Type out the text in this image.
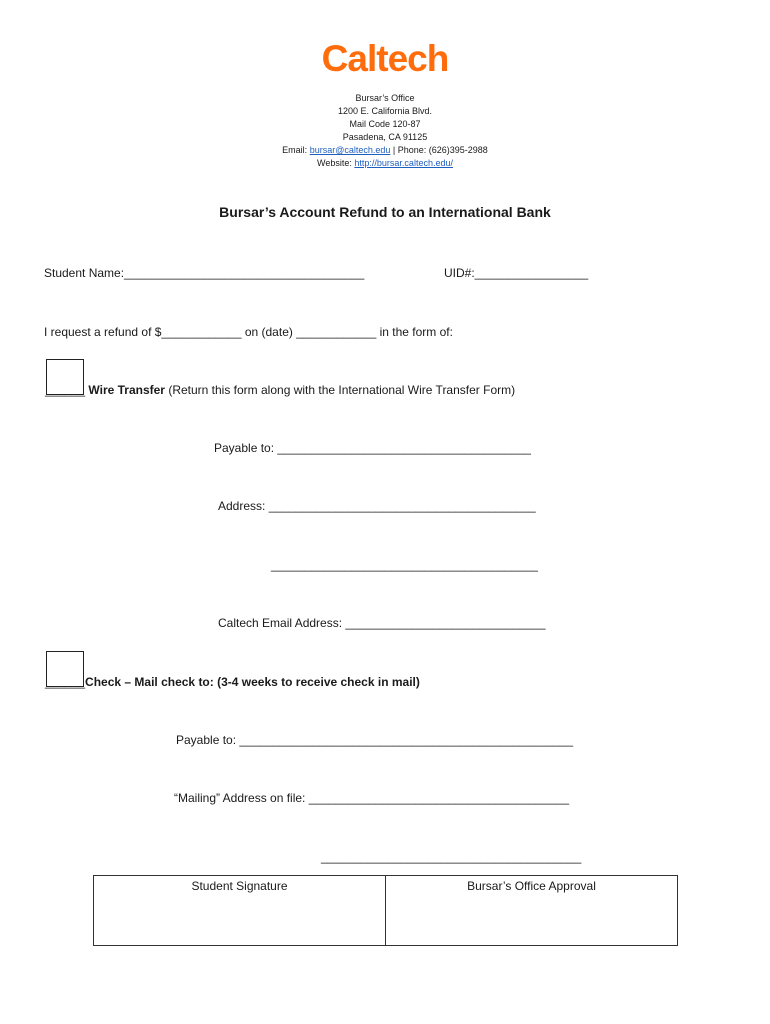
Caltech
Bursar’s Office
1200 E. California Blvd.
Mail Code 120-87
Pasadena, CA 91125
Email: bursar@caltech.edu | Phone: (626)395-2988
Website: http://bursar.caltech.edu/
Bursar’s Account Refund to an International Bank
Student Name:____________________________________	UID#:_________________
I request a refund of $____________ on (date) ____________ in the form of:
______ Wire Transfer (Return this form along with the International Wire Transfer Form)
Payable to: ______________________________________
Address: ________________________________________
________________________________________
Caltech Email Address: ______________________________
______Check – Mail check to: (3-4 weeks to receive check in mail)
Payable to: __________________________________________________
“Mailing” Address on file: _______________________________________
_______________________________________
Student Signature	Bursar’s Office Approval
